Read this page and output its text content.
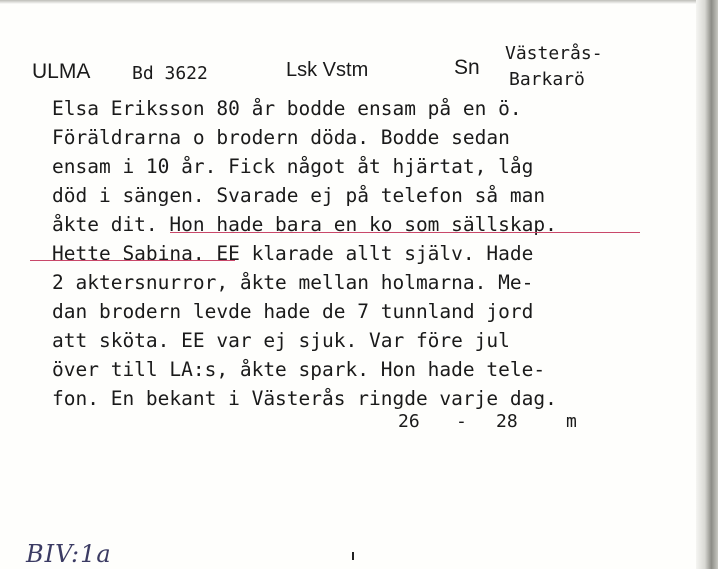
ULMA Bd 3622	Lsk Vstm	Sn
Västerås-
Barkarö
Elsa Eriksson 80 år bodde ensam på en ö.
Föräldrarna o brodern döda. Bodde sedan
ensam i 10 år. Fick något åt hjärtat, låg
död i sängen. Svarade ej på telefon så man
åkte dit. Hon hade bara en ko som sällskap.
Hette Sabina. EE klarade allt själv. Hade
2 aktersnurror, åkte mellan holmarna. Me-
dan brodern levde hade de 7 tunnland jord
att sköta. EE var ej sjuk. Var före jul
över till LA:s, åkte spark. Hon hade tele-
fon. En bekant i Västerås ringde varje dag.
26 - 28	m
BIV:1a
